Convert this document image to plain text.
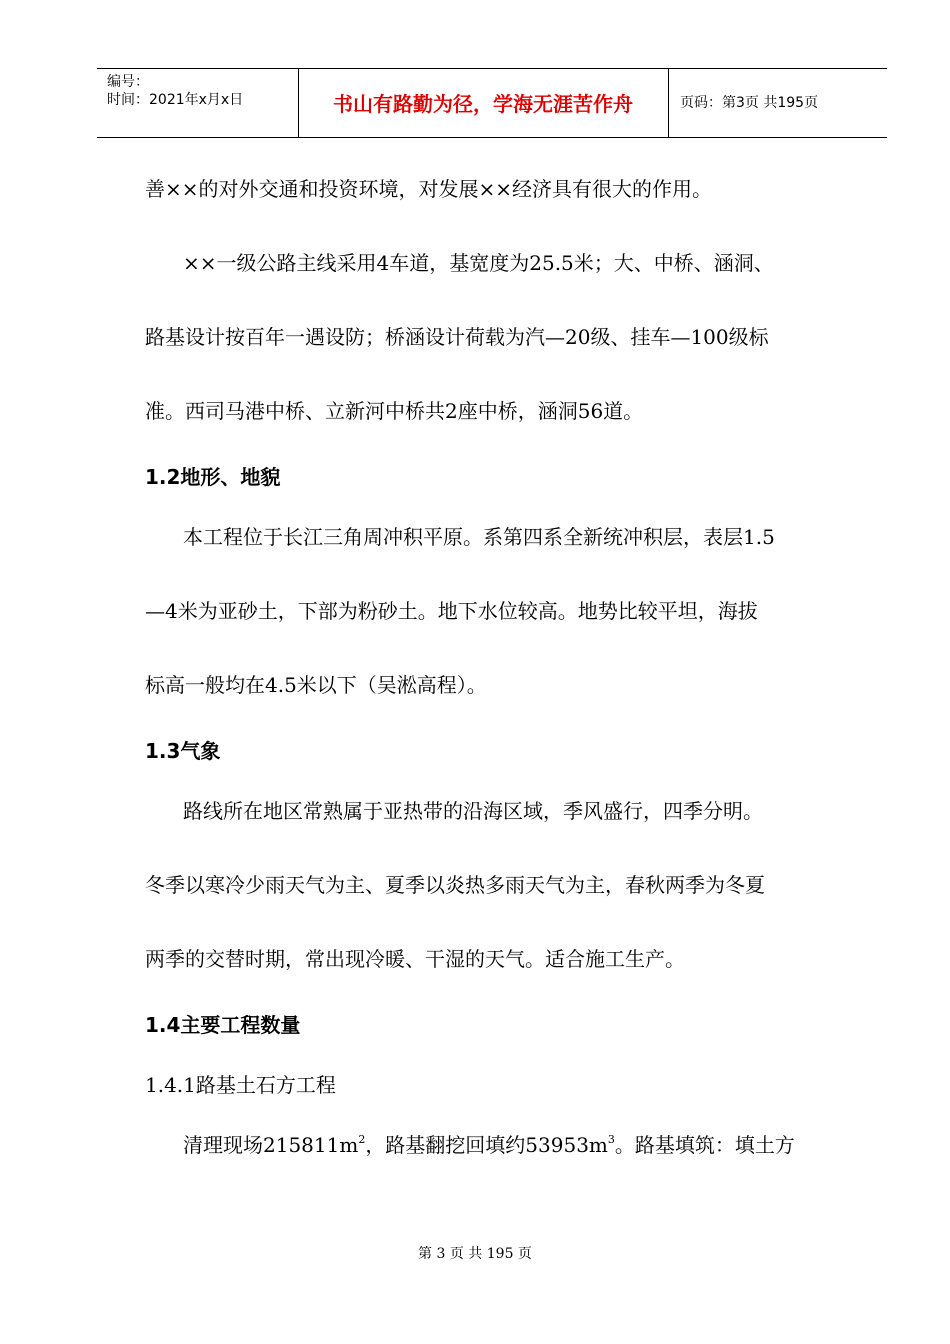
编号：
时间：2021年x月x日	书山有路勤为径，学海无涯苦作舟	页码：第3页 共195页
善××的对外交通和投资环境，对发展××经济具有很大的作用。
××一级公路主线采用4车道，基宽度为25.5米；大、中桥、涵洞、
路基设计按百年一遇设防；桥涵设计荷载为汽—20级、挂车—100级标
准。西司马港中桥、立新河中桥共2座中桥，涵洞56道。
1.2地形、地貌
本工程位于长江三角周冲积平原。系第四系全新统冲积层，表层1.5
—4米为亚砂土，下部为粉砂土。地下水位较高。地势比较平坦，海拔
标高一般均在4.5米以下（吴淞高程）。
1.3气象
路线所在地区常熟属于亚热带的沿海区域，季风盛行，四季分明。
冬季以寒冷少雨天气为主、夏季以炎热多雨天气为主，春秋两季为冬夏
两季的交替时期，常出现冷暖、干湿的天气。适合施工生产。
1.4主要工程数量
1.4.1路基土石方工程
清理现场$215811m^2$，路基翻挖回填约$53953m^3$。路基填筑：填土方
第 3 页 共 195 页
